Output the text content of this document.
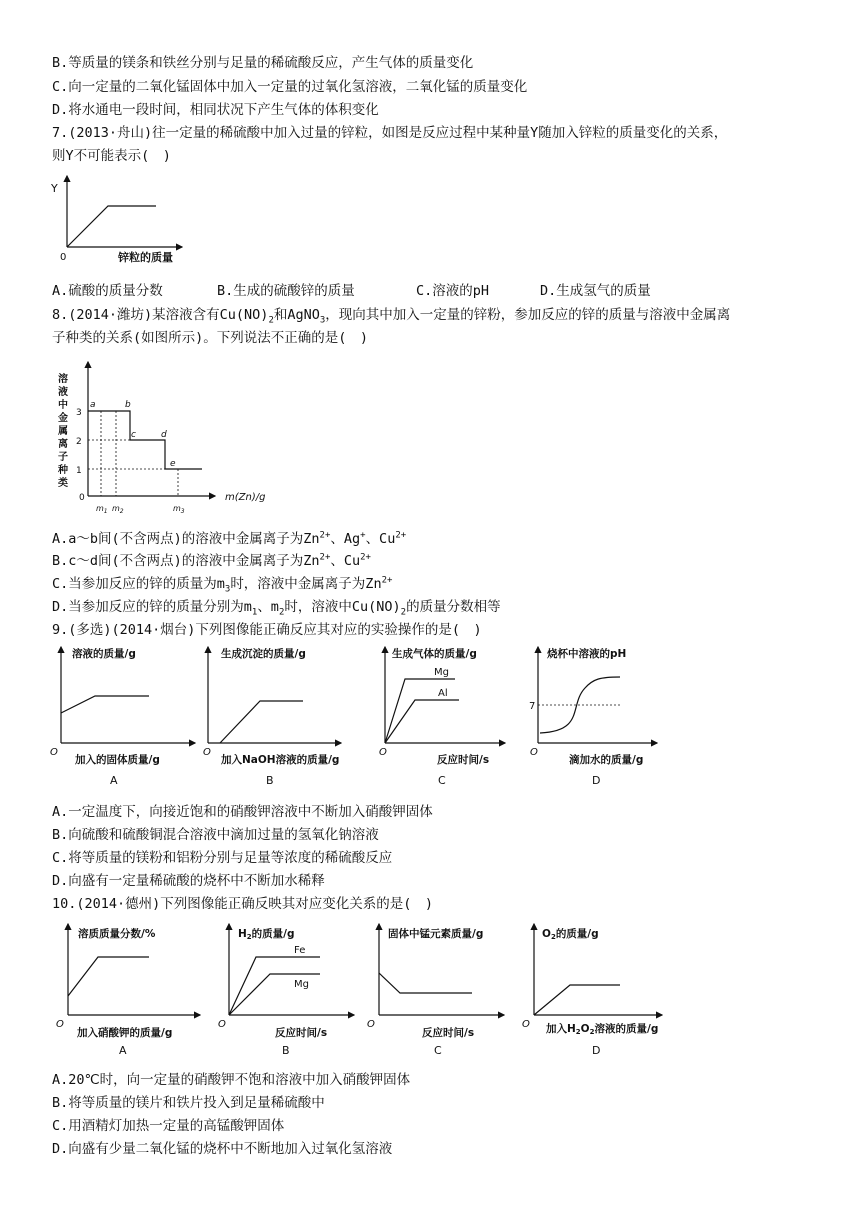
B.等质量的镁条和铁丝分别与足量的稀硫酸反应，产生气体的质量变化
C.向一定量的二氧化锰固体中加入一定量的过氧化氢溶液，二氧化锰的质量变化
D.将水通电一段时间，相同状况下产生气体的体积变化
7.(2013·舟山)往一定量的稀硫酸中加入过量的锌粒，如图是反应过程中某种量Y随加入锌粒的质量变化的关系，
则Y不可能表示(　)
Y
0	锌粒的质量
A.硫酸的质量分数	B.生成的硫酸锌的质量	C.溶液的pH	D.生成氢气的质量
8.(2014·潍坊)某溶液含有$Cu(NO)_2$和AgNO$_3$，现向其中加入一定量的锌粉，参加反应的锌的质量与溶液中金属离
子种类的关系(如图所示)。下列说法不正确的是(　)
溶
液
中
金
属
离
子
种
类
0
3
2
1
a	b
c	d
e
$m_1$ $m_2$	$m_3$
m(Zn)/g
A.a～b间(不含两点)的溶液中金属离子为$Zn^{2+}$、Ag+、$Cu^{2+}$
B.c～d间(不含两点)的溶液中金属离子为$Zn^{2+}$、$Cu^{2+}$
C.当参加反应的锌的质量为$m_3$时，溶液中金属离子为$Zn^{2+}$
D.当参加反应的锌的质量分别为$m_1$、$m_2$时，溶液中$Cu(NO)_2$的质量分数相等
9.(多选)(2014·烟台)下列图像能正确反应其对应的实验操作的是(　)
溶液的质量/g
O
加入的固体质量/g
A
生成沉淀的质量/g
O
加入NaOH溶液的质量/g
B
Mg
Al
生成气体的质量/g
O
反应时间/s
C
7
烧杯中溶液的pH
O
滴加水的质量/g
D
A.一定温度下，向接近饱和的硝酸钾溶液中不断加入硝酸钾固体
B.向硫酸和硫酸铜混合溶液中滴加过量的氢氧化钠溶液
C.将等质量的镁粉和铝粉分别与足量等浓度的稀硫酸反应
D.向盛有一定量稀硫酸的烧杯中不断加水稀释
10.(2014·德州)下列图像能正确反映其对应变化关系的是(　)
溶质质量分数/%
O
加入硝酸钾的质量/g
A
Fe
Mg
H2的质量/g
O
反应时间/s
B
固体中锰元素质量/g
O
反应时间/s
C
O2的质量/g
O 加入H2O2溶液的质量/g
D
A.20℃时，向一定量的硝酸钾不饱和溶液中加入硝酸钾固体
B.将等质量的镁片和铁片投入到足量稀硫酸中
C.用酒精灯加热一定量的高锰酸钾固体
D.向盛有少量二氧化锰的烧杯中不断地加入过氧化氢溶液
